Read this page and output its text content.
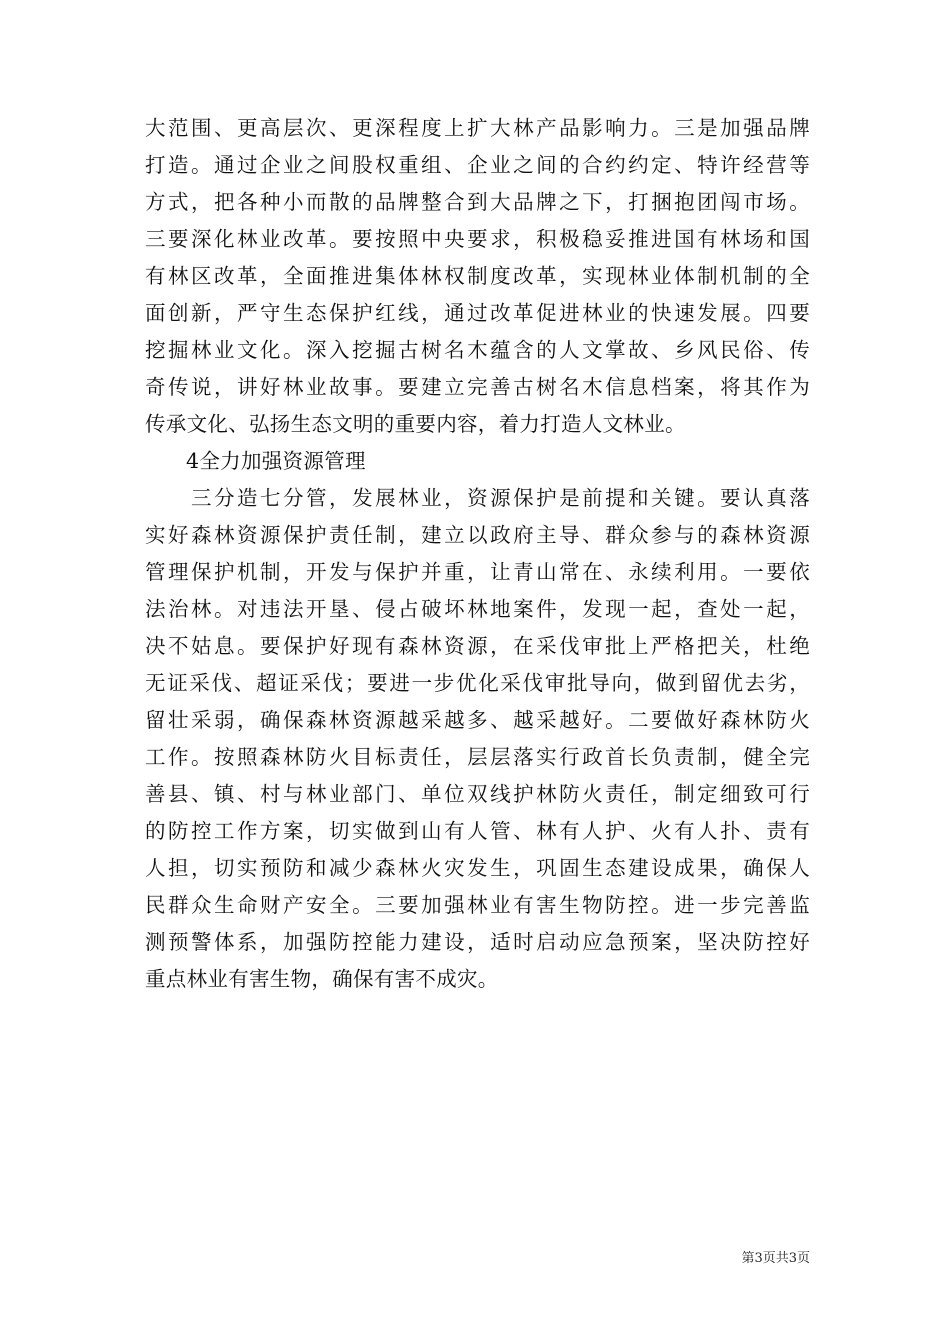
大范围、更高层次、更深程度上扩大林产品影响力。三是加强品牌
打造。通过企业之间股权重组、企业之间的合约约定、特许经营等
方式，把各种小而散的品牌整合到大品牌之下，打捆抱团闯市场。
三要深化林业改革。要按照中央要求，积极稳妥推进国有林场和国
有林区改革，全面推进集体林权制度改革，实现林业体制机制的全
面创新，严守生态保护红线，通过改革促进林业的快速发展。四要
挖掘林业文化。深入挖掘古树名木蕴含的人文掌故、乡风民俗、传
奇传说，讲好林业故事。要建立完善古树名木信息档案，将其作为
传承文化、弘扬生态文明的重要内容，着力打造人文林业。
4全力加强资源管理
　　三分造七分管，发展林业，资源保护是前提和关键。要认真落
实好森林资源保护责任制，建立以政府主导、群众参与的森林资源
管理保护机制，开发与保护并重，让青山常在、永续利用。一要依
法治林。对违法开垦、侵占破坏林地案件，发现一起，查处一起，
决不姑息。要保护好现有森林资源，在采伐审批上严格把关，杜绝
无证采伐、超证采伐；要进一步优化采伐审批导向，做到留优去劣，
留壮采弱，确保森林资源越采越多、越采越好。二要做好森林防火
工作。按照森林防火目标责任，层层落实行政首长负责制，健全完
善县、镇、村与林业部门、单位双线护林防火责任，制定细致可行
的防控工作方案，切实做到山有人管、林有人护、火有人扑、责有
人担，切实预防和减少森林火灾发生，巩固生态建设成果，确保人
民群众生命财产安全。三要加强林业有害生物防控。进一步完善监
测预警体系，加强防控能力建设，适时启动应急预案，坚决防控好
重点林业有害生物，确保有害不成灾。
第3页共3页
